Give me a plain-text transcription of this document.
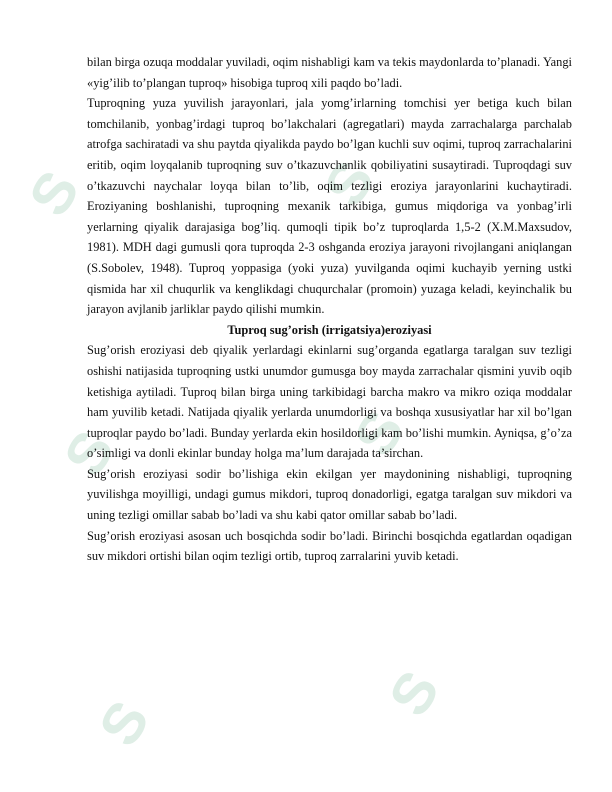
S
S
S
S
S
S

bilan birga ozuqa moddalar yuviladi, oqim nishabligi kam va tekis maydonlarda to’planadi. Yangi «yig’ilib to’plangan tuproq» hisobiga tuproq xili paqdo bo’ladi.

Tuproqning yuza yuvilish jarayonlari, jala yomg’irlarning tomchisi yer betiga kuch bilan tomchilanib, yonbag’irdagi tuproq bo’lakchalari (agregatlari) mayda zarrachalarga parchalab atrofga sachiratadi va shu paytda qiyalikda paydo bo’lgan kuchli suv oqimi, tuproq zarrachalarini eritib, oqim loyqalanib tuproqning suv o’tkazuvchanlik qobiliyatini susaytiradi. Tuproqdagi suv o’tkazuvchi naychalar loyqa bilan to’lib, oqim tezligi eroziya jarayonlarini kuchaytiradi. Eroziyaning boshlanishi, tuproqning mexanik tarkibiga, gumus miqdoriga va yonbag’irli yerlarning qiyalik darajasiga bog’liq. qumoqli tipik bo’z tuproqlarda 1,5-2 (X.M.Maxsudov, 1981). MDH dagi gumusli qora tuproqda 2-3 oshganda eroziya jarayoni rivojlangani aniqlangan (S.Sobolev, 1948). Tuproq yoppasiga (yoki yuza) yuvilganda oqimi kuchayib yerning ustki qismida har xil chuqurlik va kenglikdagi chuqurchalar (promoin) yuzaga keladi, keyinchalik bu jarayon avjlanib jarliklar paydo qilishi mumkin.

Tuproq sug’orish (irrigatsiya)eroziyasi

Sug’orish eroziyasi deb qiyalik yerlardagi ekinlarni sug’organda egatlarga taralgan suv tezligi oshishi natijasida tuproqning ustki unumdor gumusga boy mayda zarrachalar qismini yuvib oqib ketishiga aytiladi. Tuproq bilan birga uning tarkibidagi barcha makro va mikro oziqa moddalar ham yuvilib ketadi. Natijada qiyalik yerlarda unumdorligi va boshqa xususiyatlar har xil bo’lgan tuproqlar paydo bo’ladi. Bunday yerlarda ekin hosildorligi kam bo’lishi mumkin. Ayniqsa, g’o’za o’simligi va donli ekinlar bunday holga ma’lum darajada ta’sirchan.

Sug’orish eroziyasi sodir bo’lishiga ekin ekilgan yer maydonining nishabligi, tuproqning yuvilishga moyilligi, undagi gumus mikdori, tuproq donadorligi, egatga taralgan suv mikdori va uning tezligi omillar sabab bo’ladi va shu kabi qator omillar sabab bo’ladi.

Sug’orish eroziyasi asosan uch bosqichda sodir bo’ladi. Birinchi bosqichda egatlardan oqadigan suv mikdori ortishi bilan oqim tezligi ortib, tuproq zarralarini yuvib ketadi.
